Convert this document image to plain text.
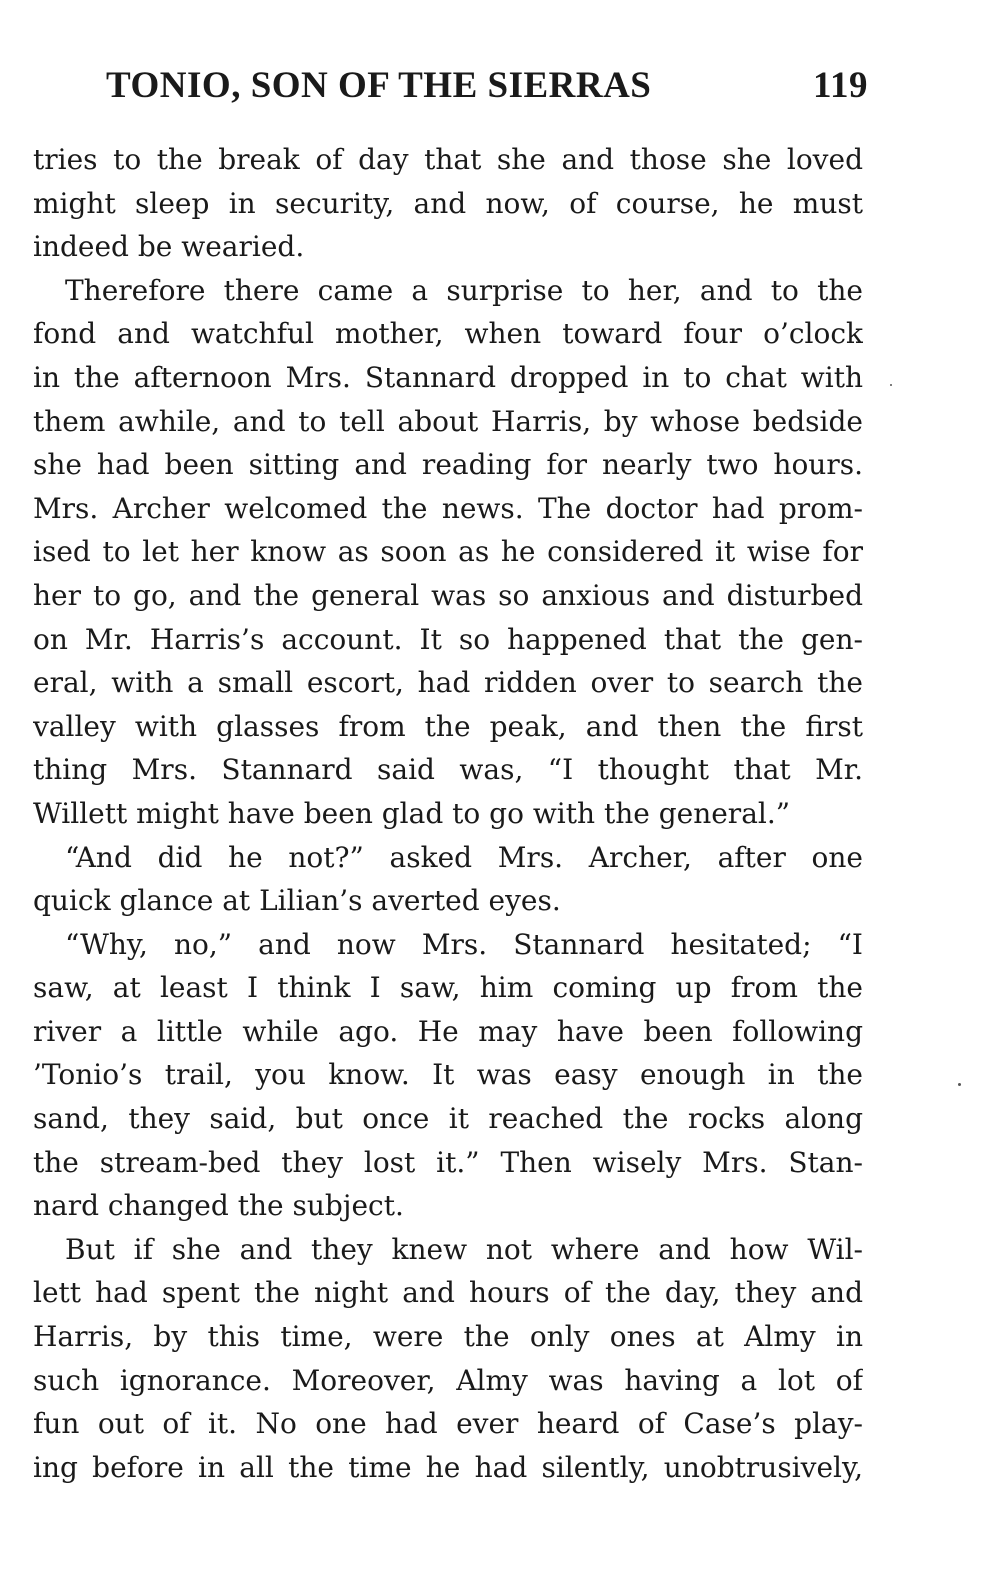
TONIO, SON OF THE SIERRAS	119
tries to the break of day that she and those she loved
might sleep in security, and now, of course, he must
indeed be wearied.
Therefore there came a surprise to her, and to the
fond and watchful mother, when toward four o’clock
in the afternoon Mrs. Stannard dropped in to chat with
them awhile, and to tell about Harris, by whose bedside
she had been sitting and reading for nearly two hours.
Mrs. Archer welcomed the news. The doctor had prom-
ised to let her know as soon as he considered it wise for
her to go, and the general was so anxious and disturbed
on Mr. Harris’s account. It so happened that the gen-
eral, with a small escort, had ridden over to search the
valley with glasses from the peak, and then the first
thing Mrs. Stannard said was, “I thought that Mr.
Willett might have been glad to go with the general.”
“And did he not?” asked Mrs. Archer, after one
quick glance at Lilian’s averted eyes.
“Why, no,” and now Mrs. Stannard hesitated; “I
saw, at least I think I saw, him coming up from the
river a little while ago. He may have been following
’Tonio’s trail, you know. It was easy enough in the
sand, they said, but once it reached the rocks along
the stream-bed they lost it.” Then wisely Mrs. Stan-
nard changed the subject.
But if she and they knew not where and how Wil-
lett had spent the night and hours of the day, they and
Harris, by this time, were the only ones at Almy in
such ignorance. Moreover, Almy was having a lot of
fun out of it. No one had ever heard of Case’s play-
ing before in all the time he had silently, unobtrusively,
